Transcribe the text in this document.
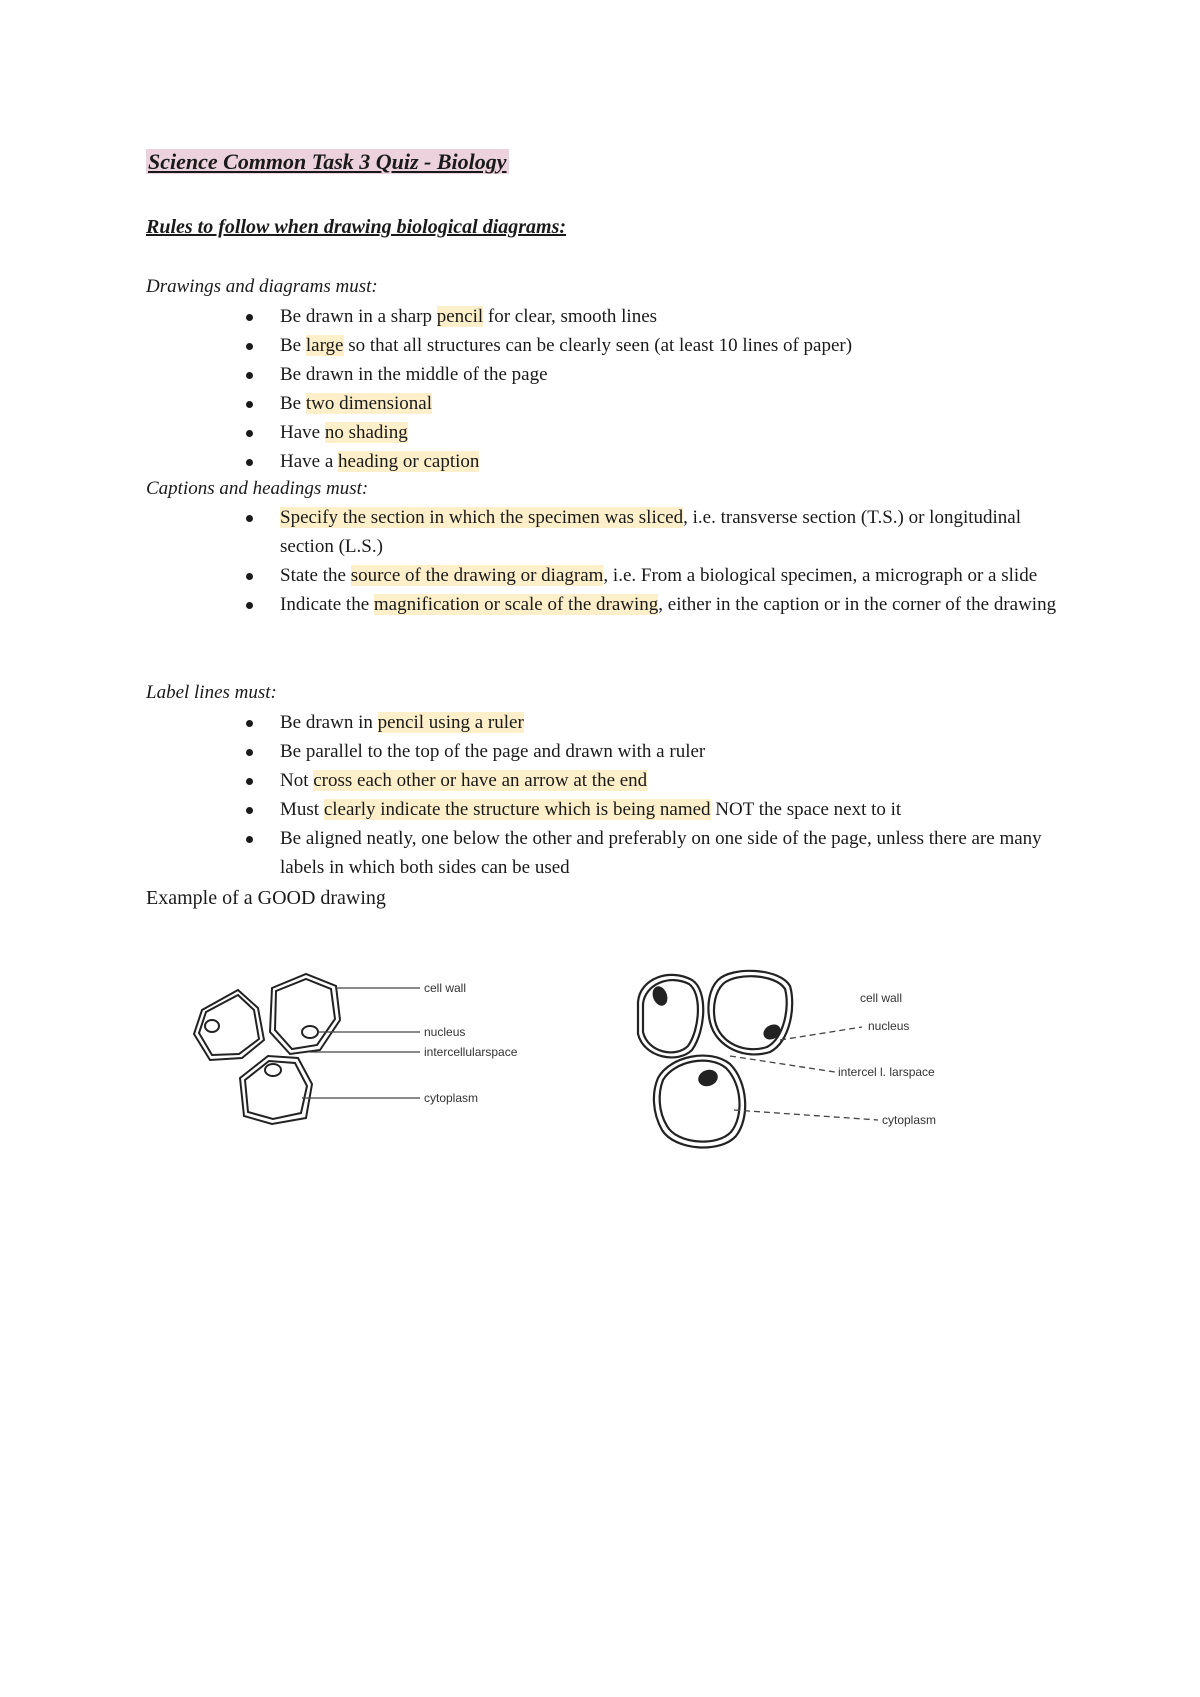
Science Common Task 3 Quiz - Biology
Rules to follow when drawing biological diagrams:

Drawings and diagrams must:

Be drawn in a sharp pencil for clear, smooth lines
Be large so that all structures can be clearly seen (at least 10 lines of paper)
Be drawn in the middle of the page
Be two dimensional
Have no shading
Have a heading or caption

Captions and headings must:

Specify the section in which the specimen was sliced, i.e. transverse section (T.S.) or longitudinal section (L.S.)
State the source of the drawing or diagram, i.e. From a biological specimen, a micrograph or a slide
Indicate the magnification or scale of the drawing, either in the caption or in the corner of the drawing

Label lines must:

Be drawn in pencil using a ruler
Be parallel to the top of the page and drawn with a ruler
Not cross each other or have an arrow at the end
Must clearly indicate the structure which is being named NOT the space next to it
Be aligned neatly, one below the other and preferably on one side of the page, unless there are many labels in which both sides can be used

Example of a GOOD drawing

cell wall
nucleus
intercellularspace
cytoplasm
cell wall
nucleus
intercel l. larspace
cytoplasm
